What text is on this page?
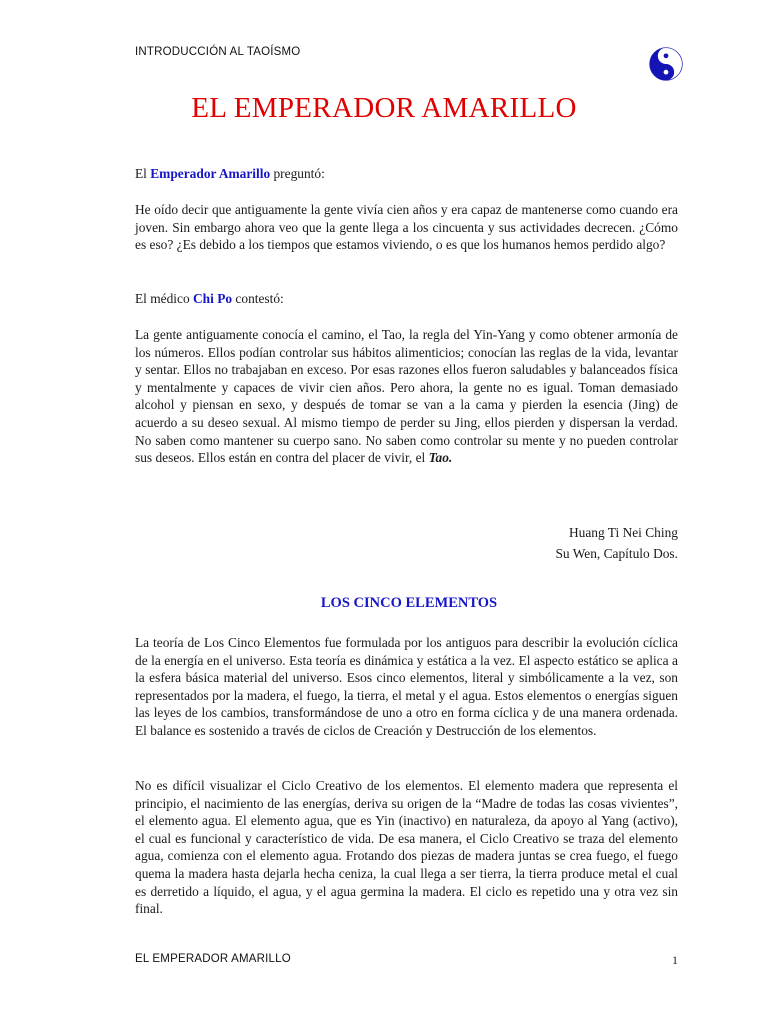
INTRODUCCIÓN AL TAOÍSMO
EL EMPERADOR AMARILLO
El Emperador Amarillo preguntó:

He oído decir que antiguamente la gente vivía cien años y era capaz de mantenerse como cuando era joven. Sin embargo ahora veo que la gente llega a los cincuenta y sus actividades decrecen. ¿Cómo es eso? ¿Es debido a los tiempos que estamos viviendo, o es que los humanos hemos perdido algo?

El médico Chi Po contestó:

La gente antiguamente conocía el camino, el Tao, la regla del Yin-Yang y como obtener armonía de los números. Ellos podían controlar sus hábitos alimenticios; conocían las reglas de la vida, levantar y sentar. Ellos no trabajaban en exceso. Por esas razones ellos fueron saludables y balanceados física y mentalmente y capaces de vivir cien años. Pero ahora, la gente no es igual. Toman demasiado alcohol y piensan en sexo, y después de tomar se van a la cama y pierden la esencia (Jing) de acuerdo a su deseo sexual. Al mismo tiempo de perder su Jing, ellos pierden y dispersan la verdad. No saben como mantener su cuerpo sano. No saben como controlar su mente y no pueden controlar sus deseos. Ellos están en contra del placer de vivir, el Tao.

Huang Ti Nei Ching
Su Wen, Capítulo Dos.
LOS CINCO ELEMENTOS

La teoría de Los Cinco Elementos fue formulada por los antiguos para describir la evolución cíclica de la energía en el universo. Esta teoría es dinámica y estática a la vez. El aspecto estático se aplica a la esfera básica material del universo. Esos cinco elementos, literal y simbólicamente a la vez, son representados por la madera, el fuego, la tierra, el metal y el agua. Estos elementos o energías siguen las leyes de los cambios, transformándose de uno a otro en forma cíclica y de una manera ordenada. El balance es sostenido a través de ciclos de Creación y Destrucción de los elementos.

No es difícil visualizar el Ciclo Creativo de los elementos. El elemento madera que representa el principio, el nacimiento de las energías, deriva su origen de la “Madre de todas las cosas vivientes”, el elemento agua. El elemento agua, que es Yin (inactivo) en naturaleza, da apoyo al Yang (activo), el cual es funcional y característico de vida. De esa manera, el Ciclo Creativo se traza del elemento agua, comienza con el elemento agua. Frotando dos piezas de madera juntas se crea fuego, el fuego quema la madera hasta dejarla hecha ceniza, la cual llega a ser tierra, la tierra produce metal el cual es derretido a líquido, el agua, y el agua germina la madera. El ciclo es repetido una y otra vez sin final.

EL EMPERADOR AMARILLO	1
